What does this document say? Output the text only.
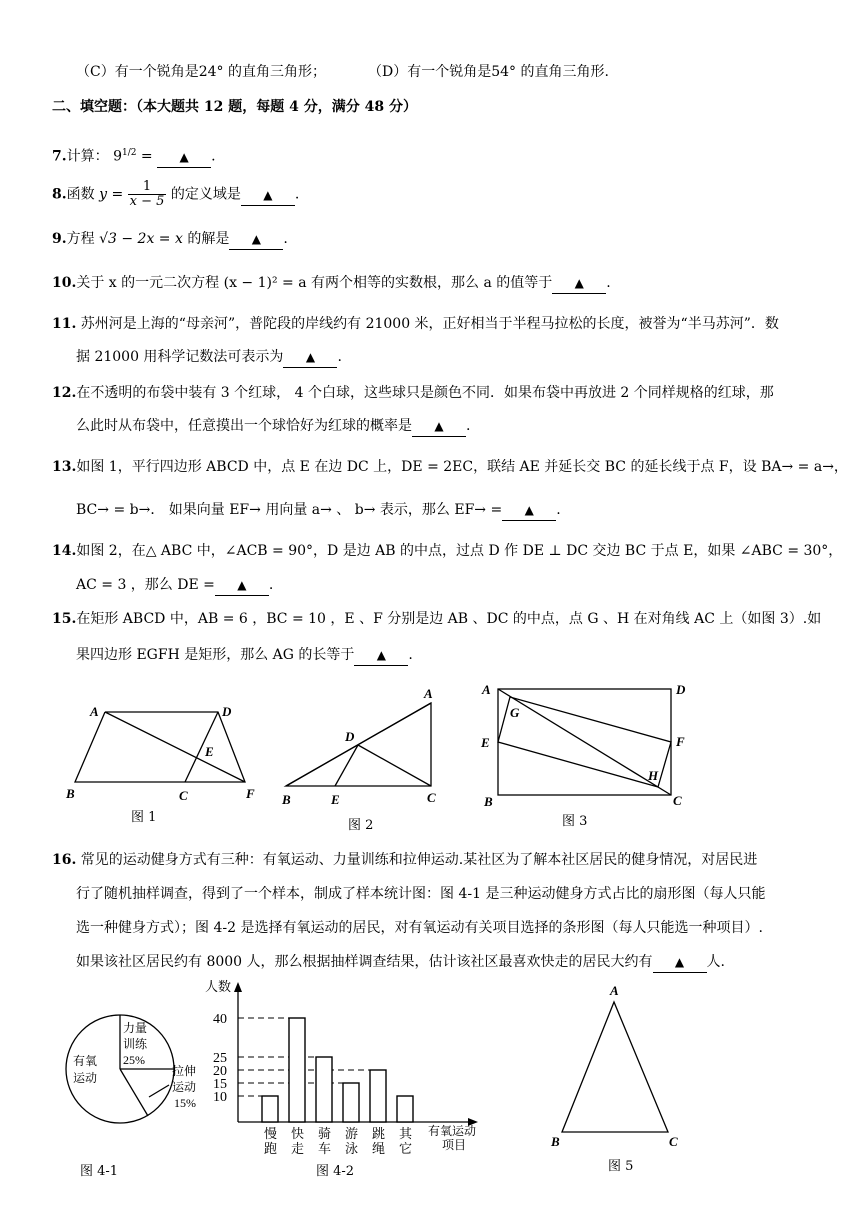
（C）有一个锐角是24° 的直角三角形；	（D）有一个锐角是54° 的直角三角形.
二、填空题：（本大题共 12 题，每题 4 分，满分 48 分）
7.计算： $9^{1/2}$ = ▲ .
8.函数 $y = \frac{1}{x - 5}$ 的定义域是 ▲ .
9.方程 √3 − 2x = x 的解是 ▲ .
10.关于 x 的一元二次方程 (x − 1)² = a 有两个相等的实数根，那么 a 的值等于 ▲ .
11. 苏州河是上海的“母亲河”，普陀段的岸线约有 21000 米，正好相当于半程马拉松的长度，被誉为“半马苏河”．数
据 21000 用科学记数法可表示为 ▲ .
12.在不透明的布袋中装有 3 个红球， 4 个白球，这些球只是颜色不同．如果布袋中再放进 2 个同样规格的红球，那
么此时从布袋中，任意摸出一个球恰好为红球的概率是 ▲ .
13.如图 1，平行四边形 ABCD 中，点 E 在边 DC 上，DE = 2EC，联结 AE 并延长交 BC 的延长线于点 F，设 BA→ = a→，
BC→ = b→． 如果向量 EF→ 用向量 a→ 、 b→ 表示，那么 EF→ = ▲ .
14.如图 2，在△ ABC 中，∠ACB = 90°，D 是边 AB 的中点，过点 D 作 DE ⊥ DC 交边 BC 于点 E，如果 ∠ABC = 30°，
AC = 3 ，那么 DE = ▲ .
15.在矩形 ABCD 中，AB = 6 ，BC = 10 ，E 、F 分别是边 AB 、DC 的中点，点 G 、H 在对角线 AC 上（如图 3）.如
果四边形 EGFH 是矩形，那么 AG 的长等于 ▲ .
A	D
E
B	C	F
图 1
A
D
B	E	C
图 2
A	D
G
E	F
H
B	C
图 3
16. 常见的运动健身方式有三种：有氧运动、力量训练和拉伸运动.某社区为了解本社区居民的健身情况，对居民进
行了随机抽样调查，得到了一个样本，制成了样本统计图：图 4-1 是三种运动健身方式占比的扇形图（每人只能
选一种健身方式）；图 4-2 是选择有氧运动的居民，对有氧运动有关项目选择的条形图（每人只能选一种项目）.
如果该社区居民约有 8000 人，那么根据抽样调查结果，估计该社区最喜欢快走的居民大约有 ▲ 人.
有氧
运动
力量
训练
25%
拉伸
运动
15%
图 4-1
人数
有氧运动
项目
10
15
20
25
40
慢
跑
快
走
骑
车
游
泳
跳
绳
其
它
图 4-2
A
B	C
图 5
